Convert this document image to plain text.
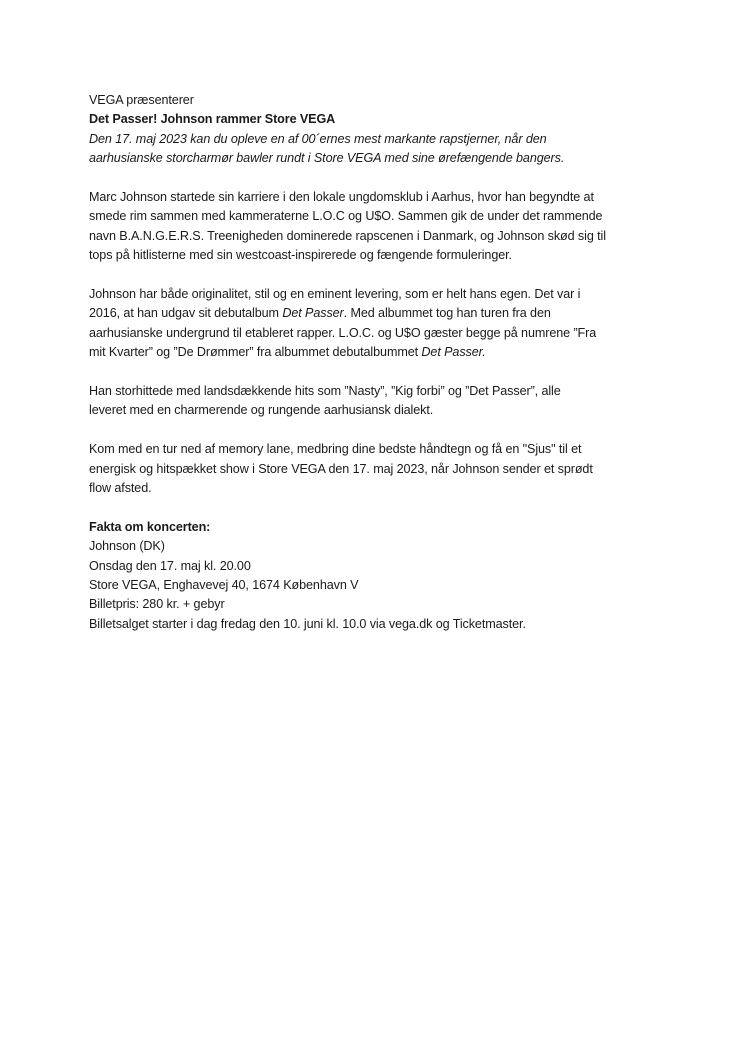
VEGA præsenterer
Det Passer! Johnson rammer Store VEGA
Den 17. maj 2023 kan du opleve en af 00´ernes mest markante rapstjerner, når den
aarhusianske storcharmør bawler rundt i Store VEGA med sine ørefængende bangers.
Marc Johnson startede sin karriere i den lokale ungdomsklub i Aarhus, hvor han begyndte at
smede rim sammen med kammeraterne L.O.C og U$O. Sammen gik de under det rammende
navn B.A.N.G.E.R.S. Treenigheden dominerede rapscenen i Danmark, og Johnson skød sig til
tops på hitlisterne med sin westcoast-inspirerede og fængende formuleringer.
Johnson har både originalitet, stil og en eminent levering, som er helt hans egen. Det var i
2016, at han udgav sit debutalbum Det Passer. Med albummet tog han turen fra den
aarhusianske undergrund til etableret rapper. L.O.C. og U$O gæster begge på numrene ”Fra
mit Kvarter” og ”De Drømmer” fra albummet debutalbummet Det Passer.
Han storhittede med landsdækkende hits som ”Nasty”, ”Kig forbi” og ”Det Passer”, alle
leveret med en charmerende og rungende aarhusiansk dialekt.
Kom med en tur ned af memory lane, medbring dine bedste håndtegn og få en "Sjus" til et
energisk og hitspækket show i Store VEGA den 17. maj 2023, når Johnson sender et sprødt
flow afsted.
Fakta om koncerten:
Johnson (DK)
Onsdag den 17. maj kl. 20.00
Store VEGA, Enghavevej 40, 1674 København V
Billetpris: 280 kr. + gebyr
Billetsalget starter i dag fredag den 10. juni kl. 10.0 via vega.dk og Ticketmaster.
